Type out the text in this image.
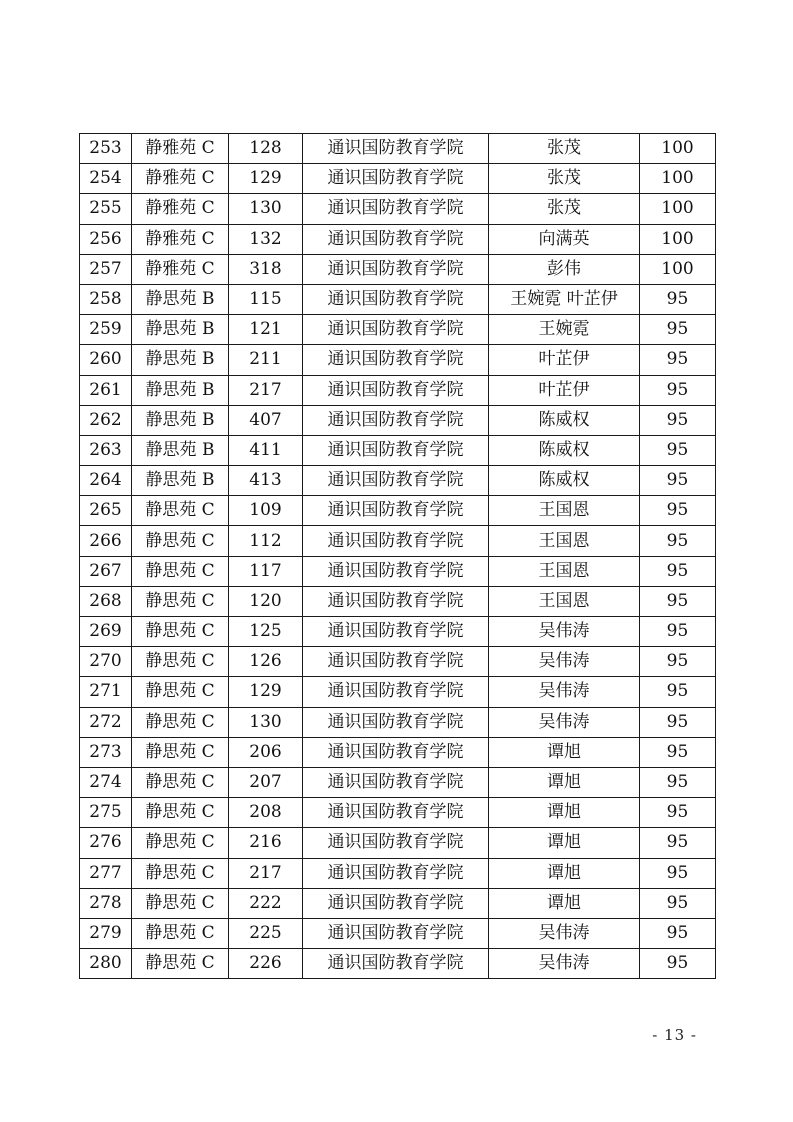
253	静雅苑 C	128	通识国防教育学院	张茂	100
254	静雅苑 C	129	通识国防教育学院	张茂	100
255	静雅苑 C	130	通识国防教育学院	张茂	100
256	静雅苑 C	132	通识国防教育学院	向满英	100
257	静雅苑 C	318	通识国防教育学院	彭伟	100
258	静思苑 B	115	通识国防教育学院	王婉霓 叶芷伊	95
259	静思苑 B	121	通识国防教育学院	王婉霓	95
260	静思苑 B	211	通识国防教育学院	叶芷伊	95
261	静思苑 B	217	通识国防教育学院	叶芷伊	95
262	静思苑 B	407	通识国防教育学院	陈威权	95
263	静思苑 B	411	通识国防教育学院	陈威权	95
264	静思苑 B	413	通识国防教育学院	陈威权	95
265	静思苑 C	109	通识国防教育学院	王国恩	95
266	静思苑 C	112	通识国防教育学院	王国恩	95
267	静思苑 C	117	通识国防教育学院	王国恩	95
268	静思苑 C	120	通识国防教育学院	王国恩	95
269	静思苑 C	125	通识国防教育学院	吴伟涛	95
270	静思苑 C	126	通识国防教育学院	吴伟涛	95
271	静思苑 C	129	通识国防教育学院	吴伟涛	95
272	静思苑 C	130	通识国防教育学院	吴伟涛	95
273	静思苑 C	206	通识国防教育学院	谭旭	95
274	静思苑 C	207	通识国防教育学院	谭旭	95
275	静思苑 C	208	通识国防教育学院	谭旭	95
276	静思苑 C	216	通识国防教育学院	谭旭	95
277	静思苑 C	217	通识国防教育学院	谭旭	95
278	静思苑 C	222	通识国防教育学院	谭旭	95
279	静思苑 C	225	通识国防教育学院	吴伟涛	95
280	静思苑 C	226	通识国防教育学院	吴伟涛	95
- 13 -
